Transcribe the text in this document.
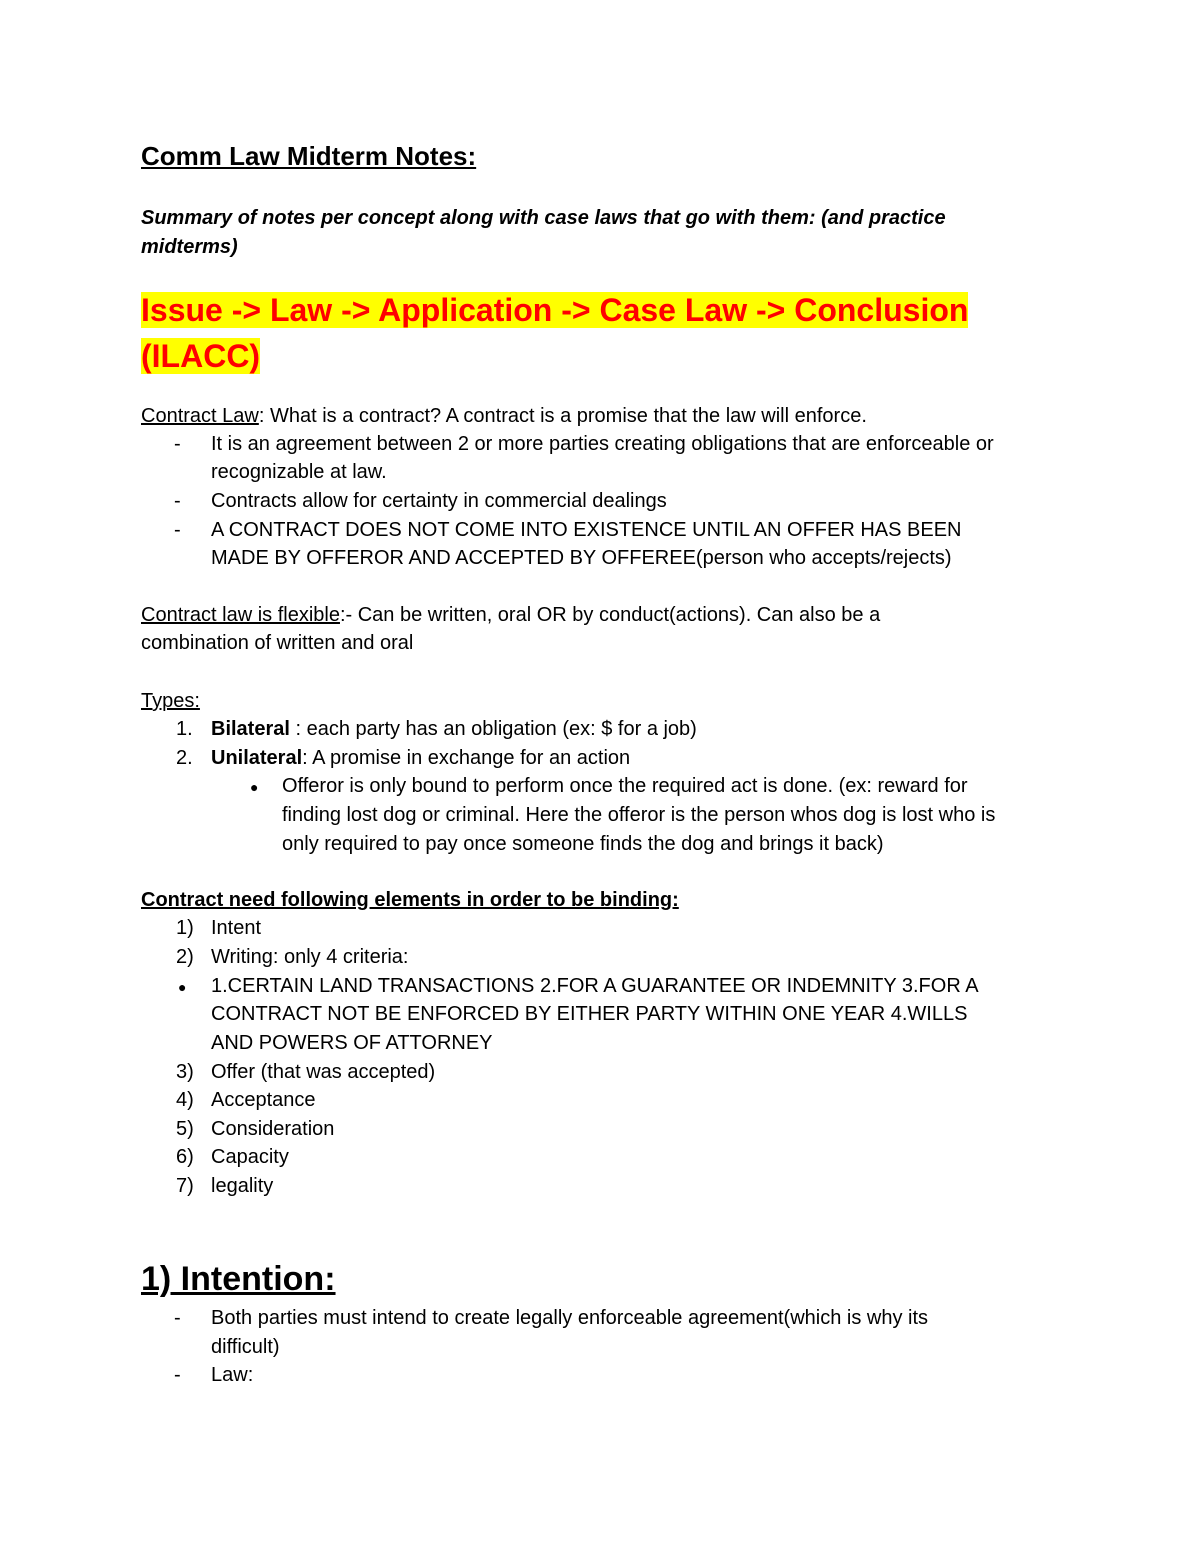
Comm Law Midterm Notes:
Summary of notes per concept along with case laws that go with them: (and practice midterms)
Issue -> Law -> Application -> Case Law -> Conclusion
(ILACC)
Contract Law: What is a contract? A contract is a promise that the law will enforce.
- It is an agreement between 2 or more parties creating obligations that are enforceable or
recognizable at law.
- Contracts allow for certainty in commercial dealings
- A CONTRACT DOES NOT COME INTO EXISTENCE UNTIL AN OFFER HAS BEEN
MADE BY OFFEROR AND ACCEPTED BY OFFEREE(person who accepts/rejects)
Contract law is flexible:- Can be written, oral OR by conduct(actions). Can also be a
combination of written and oral
Types:
1. Bilateral : each party has an obligation (ex: $ for a job)
2. Unilateral: A promise in exchange for an action
● Offeror is only bound to perform once the required act is done. (ex: reward for
finding lost dog or criminal. Here the offeror is the person whos dog is lost who is
only required to pay once someone finds the dog and brings it back)
Contract need following elements in order to be binding:
1) Intent
2) Writing: only 4 criteria:
● 1.CERTAIN LAND TRANSACTIONS 2.FOR A GUARANTEE OR INDEMNITY 3.FOR A
CONTRACT NOT BE ENFORCED BY EITHER PARTY WITHIN ONE YEAR 4.WILLS
AND POWERS OF ATTORNEY
3) Offer (that was accepted)
4) Acceptance
5) Consideration
6) Capacity
7) legality
1) Intention:
- Both parties must intend to create legally enforceable agreement(which is why its
difficult)
- Law:
